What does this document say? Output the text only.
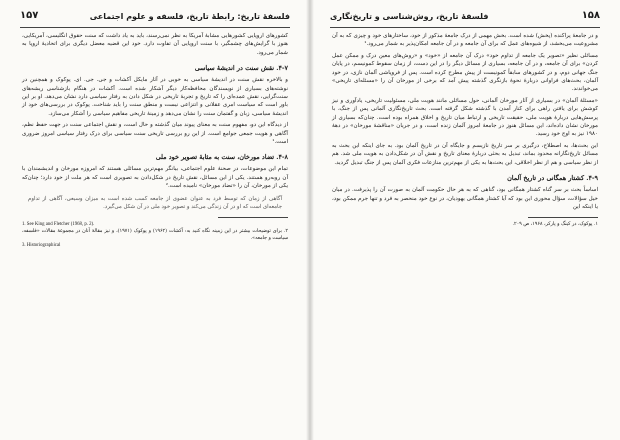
فلسفهٔ تاریخ: رابطهٔ تاریخ، فلسفه و علوم اجتماعی
۱۵۷

کشورهای اروپایی کشورهایی مشابهٔ آمریکا به نظر نمی‌رسند، باید به یاد داشت که سنت حقوق انگلیسی، آمریکایی، هنوز با گرایش‌های چشمگیر، با سنت اروپایی آن تفاوت دارد. خود این قضیه معضل دیگری برای اتحادیهٔ اروپا به شمار می‌رود.

۴-۷. نقش سنت در اندیشهٔ سیاسی

و بالاخره نقش سنت در اندیشهٔ سیاسی به خوبی در آثار مایکل آکشات و جی. جی. ای. پوکوک و همچنین در نوشته‌های بسیاری از نویسندگان محافظه‌کار دیگر آشکار شده است. آکشات در هنگام بازشناسی ریشه‌های سنت‌گرایی، نقش عمده‌ای را که تاریخ و تجربهٔ تاریخی در شکل دادن به رفتار سیاسی دارد نشان می‌دهد. او بر این باور است که سیاست امری عقلانی و انتزاعی نیست و منطق سنت را باید شناخت. پوکوک در بررسی‌های خود از اندیشهٔ سیاسی، زبان و گفتمان سنت را نشان می‌دهد و زمینهٔ تاریخی مفاهیم سیاسی را آشکار می‌سازد.

از دیدگاه این دو، مفهوم سنت به معنای پیوند میان گذشته و حال است، و نقش اجتماعی سنت در جهت حفظ نظم، آگاهی و هویت جمعی جوامع است. از این رو بررسی تاریخی سنت سیاسی برای درک رفتار سیاسی امروز ضروری است.¹

۴-۸. تضاد مورخان، سنت به مثابهٔ تصویر خود ملی

تمام این موضوعات، در صحنهٔ علوم اجتماعی، بیانگر مهم‌ترین مسائلی هستند که امروزه مورخان و اندیشمندان با آن روبه‌رو هستند. یکی از این مسائل، نقش تاریخ در شکل‌دادن به تصویری است که هر ملت از خود دارد؛ چنان‌که یکی از مورخان، آن را «تضاد مورخان» نامیده است.²

آگاهی از زمان که توسط فرد به عنوان عضوی از جامعه کسب شده است به میزان وسیعی، آگاهی از تداوم جامعه‌ای است که او در آن زندگی می‌کند و تصویر خود ملی در آن شکل می‌گیرد.

1. See King and Fletcher (1968, p. 2).

۲. برای توضیحات بیشتر در این زمینه نگاه کنید به: آکشات (۱۹۶۲) و پوکوک (۱۹۷۱)، و نیز مقالهٔ آنان در مجموعهٔ مقالات «فلسفه، سیاست و جامعه».

3. Historiographical

۱۵۸
فلسفهٔ تاریخ، روش‌شناسی و تاریخ‌نگاری

و در جامعهٔ پراکنده (پخش) شده است. بخش مهمی از درک جامعهٔ مذکور از خود، ساختارهای خود و چیزی که به آن مشروعیت می‌بخشد، از شیوه‌های عمل که برای آن جامعه و در آن جامعه امکان‌پذیر به شمار می‌رود.¹

مسائلی نظیر «تصویر یک جامعه از تداوم خود» درک آن جامعه از «خود» و «روش‌های معین درک و ممکن عمل کردن» برای آن جامعه، و در آن جامعه، بسیاری از مسائل دیگر را در این دست، از زمان سقوط کمونیسم، در پایان جنگ جهانی دوم، و در کشورهای سابقاً کمونیست از پیش مطرح کرده است. پس از فروپاشی آلمان نازی، در خود آلمان، بحث‌های فراوانی دربارهٔ نحوهٔ بازنگری گذشته پیش آمد که برخی از مورخان آن را «مسئله‌ای تاریخی» می‌خواندند.

«مسئلهٔ آلمان» در بسیاری از آثار مورخان آلمانی، حول مسائلی مانند هویت ملی، مسئولیت تاریخی، یادآوری و نیز کوشش برای یافتن راهی برای کنار آمدن با گذشته شکل گرفته است. بحث تاریخ‌نگاری آلمانی پس از جنگ، با پرسش‌هایی دربارهٔ هویت ملی، حقیقت تاریخی و ارتباط میان تاریخ و اخلاق همراه بوده است. چنان‌که بسیاری از مورخان نشان داده‌اند، این مسائل هنوز در جامعهٔ امروز آلمان زنده است، و در جریان «مناقشهٔ مورخان» در دههٔ ۱۹۸۰ نیز به اوج خود رسید.

این بحث‌ها، به اصطلاح، درگیری بر سر تاریخ نازیسم و جایگاه آن در تاریخ آلمان بود. به جای اینکه این بحث به مسائل تاریخ‌نگارانه محدود بماند، تبدیل به بحثی دربارهٔ معنای تاریخ و نقش آن در شکل‌دادن به هویت ملی شد. هم از نظر سیاسی و هم از نظر اخلاقی، این بحث‌ها به یکی از مهم‌ترین منازعات فکری آلمان پس از جنگ تبدیل گردید.

۴-۹. کشتار همگانی در تاریخ آلمان

اساساً بحث بر سر گناه کشتار همگانی بود، گناهی که به هر حال حکومت آلمان به صورت آن را پذیرفت. در میان خیل سؤالات، سؤال محوری این بود که آیا کشتار همگانی یهودیان، در نوع خود منحصر به فرد و تنها جرم ممکن بود، یا اینکه این

۱. پوکوک، در کینگ و پارکر، ۱۹۶۸، ص ۲۰۹.
